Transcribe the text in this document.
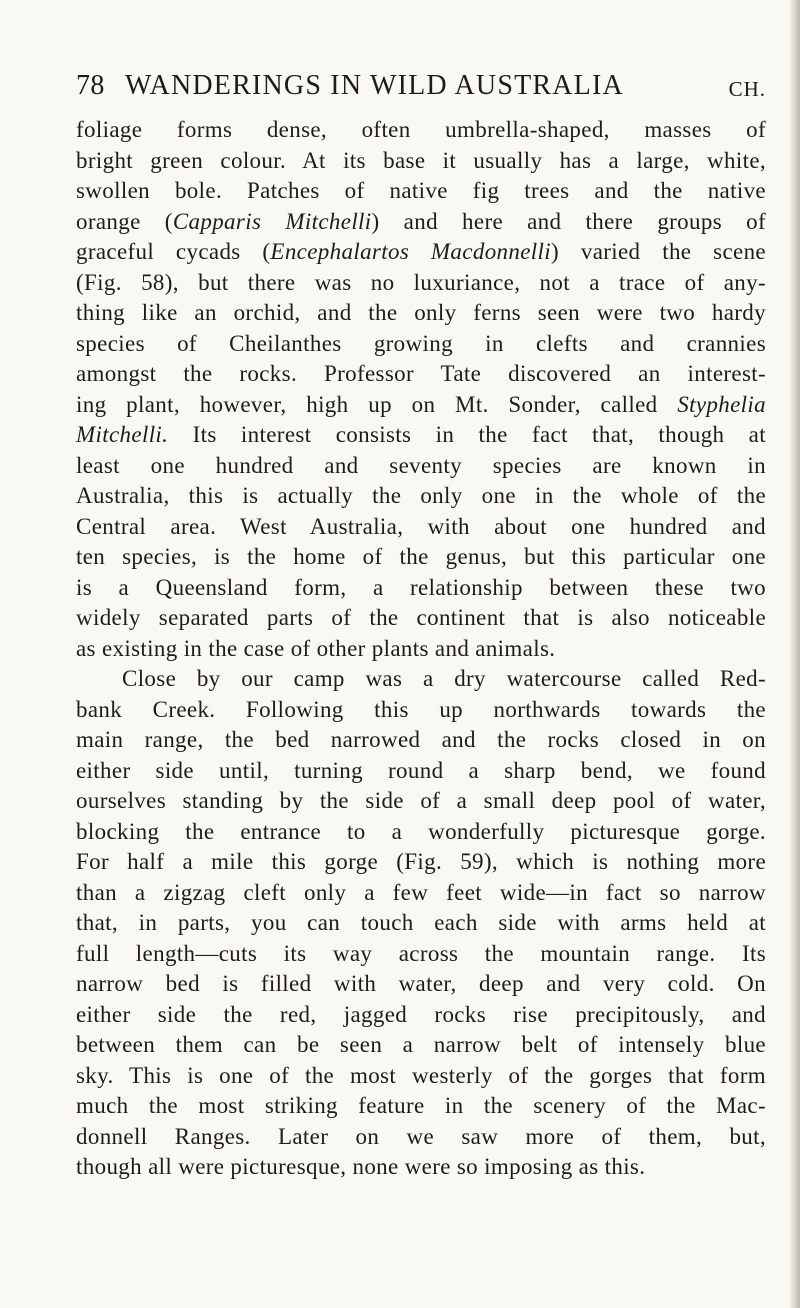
78 WANDERINGS IN WILD AUSTRALIA	CH.
foliage forms dense, often umbrella-shaped, masses of
bright green colour. At its base it usually has a large, white,
swollen bole. Patches of native fig trees and the native
orange (Capparis Mitchelli) and here and there groups of
graceful cycads (Encephalartos Macdonnelli) varied the scene
(Fig. 58), but there was no luxuriance, not a trace of any-
thing like an orchid, and the only ferns seen were two hardy
species of Cheilanthes growing in clefts and crannies
amongst the rocks. Professor Tate discovered an interest-
ing plant, however, high up on Mt. Sonder, called Styphelia
Mitchelli. Its interest consists in the fact that, though at
least one hundred and seventy species are known in
Australia, this is actually the only one in the whole of the
Central area. West Australia, with about one hundred and
ten species, is the home of the genus, but this particular one
is a Queensland form, a relationship between these two
widely separated parts of the continent that is also noticeable
as existing in the case of other plants and animals.
Close by our camp was a dry watercourse called Red-
bank Creek. Following this up northwards towards the
main range, the bed narrowed and the rocks closed in on
either side until, turning round a sharp bend, we found
ourselves standing by the side of a small deep pool of water,
blocking the entrance to a wonderfully picturesque gorge.
For half a mile this gorge (Fig. 59), which is nothing more
than a zigzag cleft only a few feet wide—in fact so narrow
that, in parts, you can touch each side with arms held at
full length—cuts its way across the mountain range. Its
narrow bed is filled with water, deep and very cold. On
either side the red, jagged rocks rise precipitously, and
between them can be seen a narrow belt of intensely blue
sky. This is one of the most westerly of the gorges that form
much the most striking feature in the scenery of the Mac-
donnell Ranges. Later on we saw more of them, but,
though all were picturesque, none were so imposing as this.
